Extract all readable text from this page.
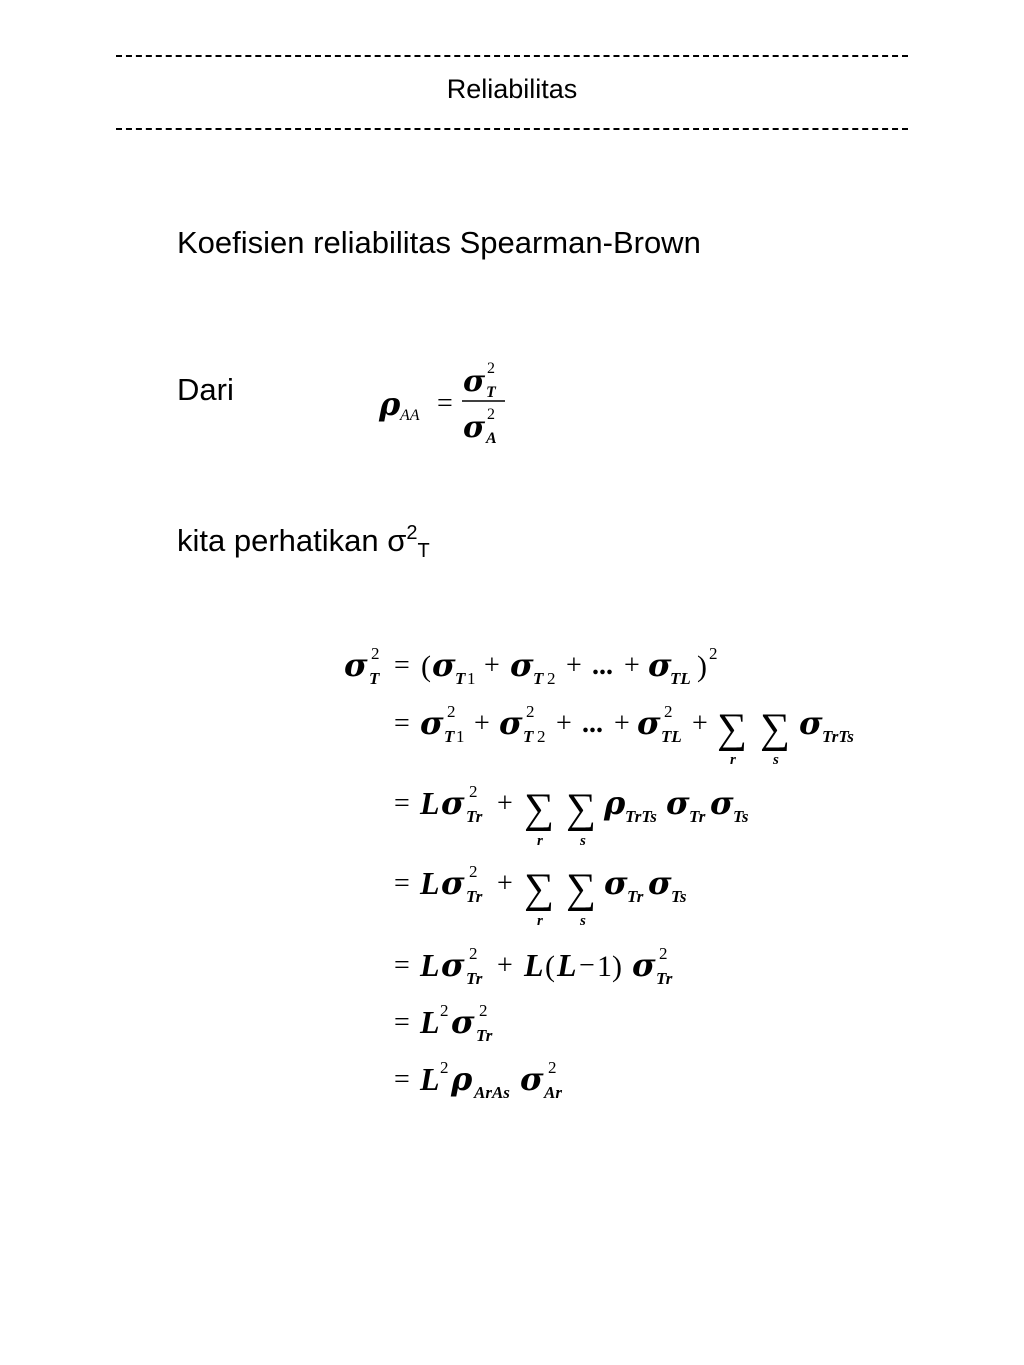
Reliabilitas
Koefisien reliabilitas Spearman-Brown
Dari	ρ AA =
σ 2
T
σ 2
A
kita perhatikan $\sigma^2_T$
σ 2
T = ( σ T 1 + σ T 2 + ... + σ
TL ) 2
= σ 2
T 1 + σ 2
T 2 + ... + σ 2
TL + ∑
r
∑
s
σ TrTs
= L σ 2
Tr + ∑
r
∑
s
ρ TrTs σ Tr σ Ts
= L σ 2
Tr + ∑
r
∑
s
σ Tr σ Ts
= L σ 2
Tr + L ( L − 1) σ 2
Tr
= L 2 σ 2
Tr
= L 2 ρ ArAs σ 2
Ar
